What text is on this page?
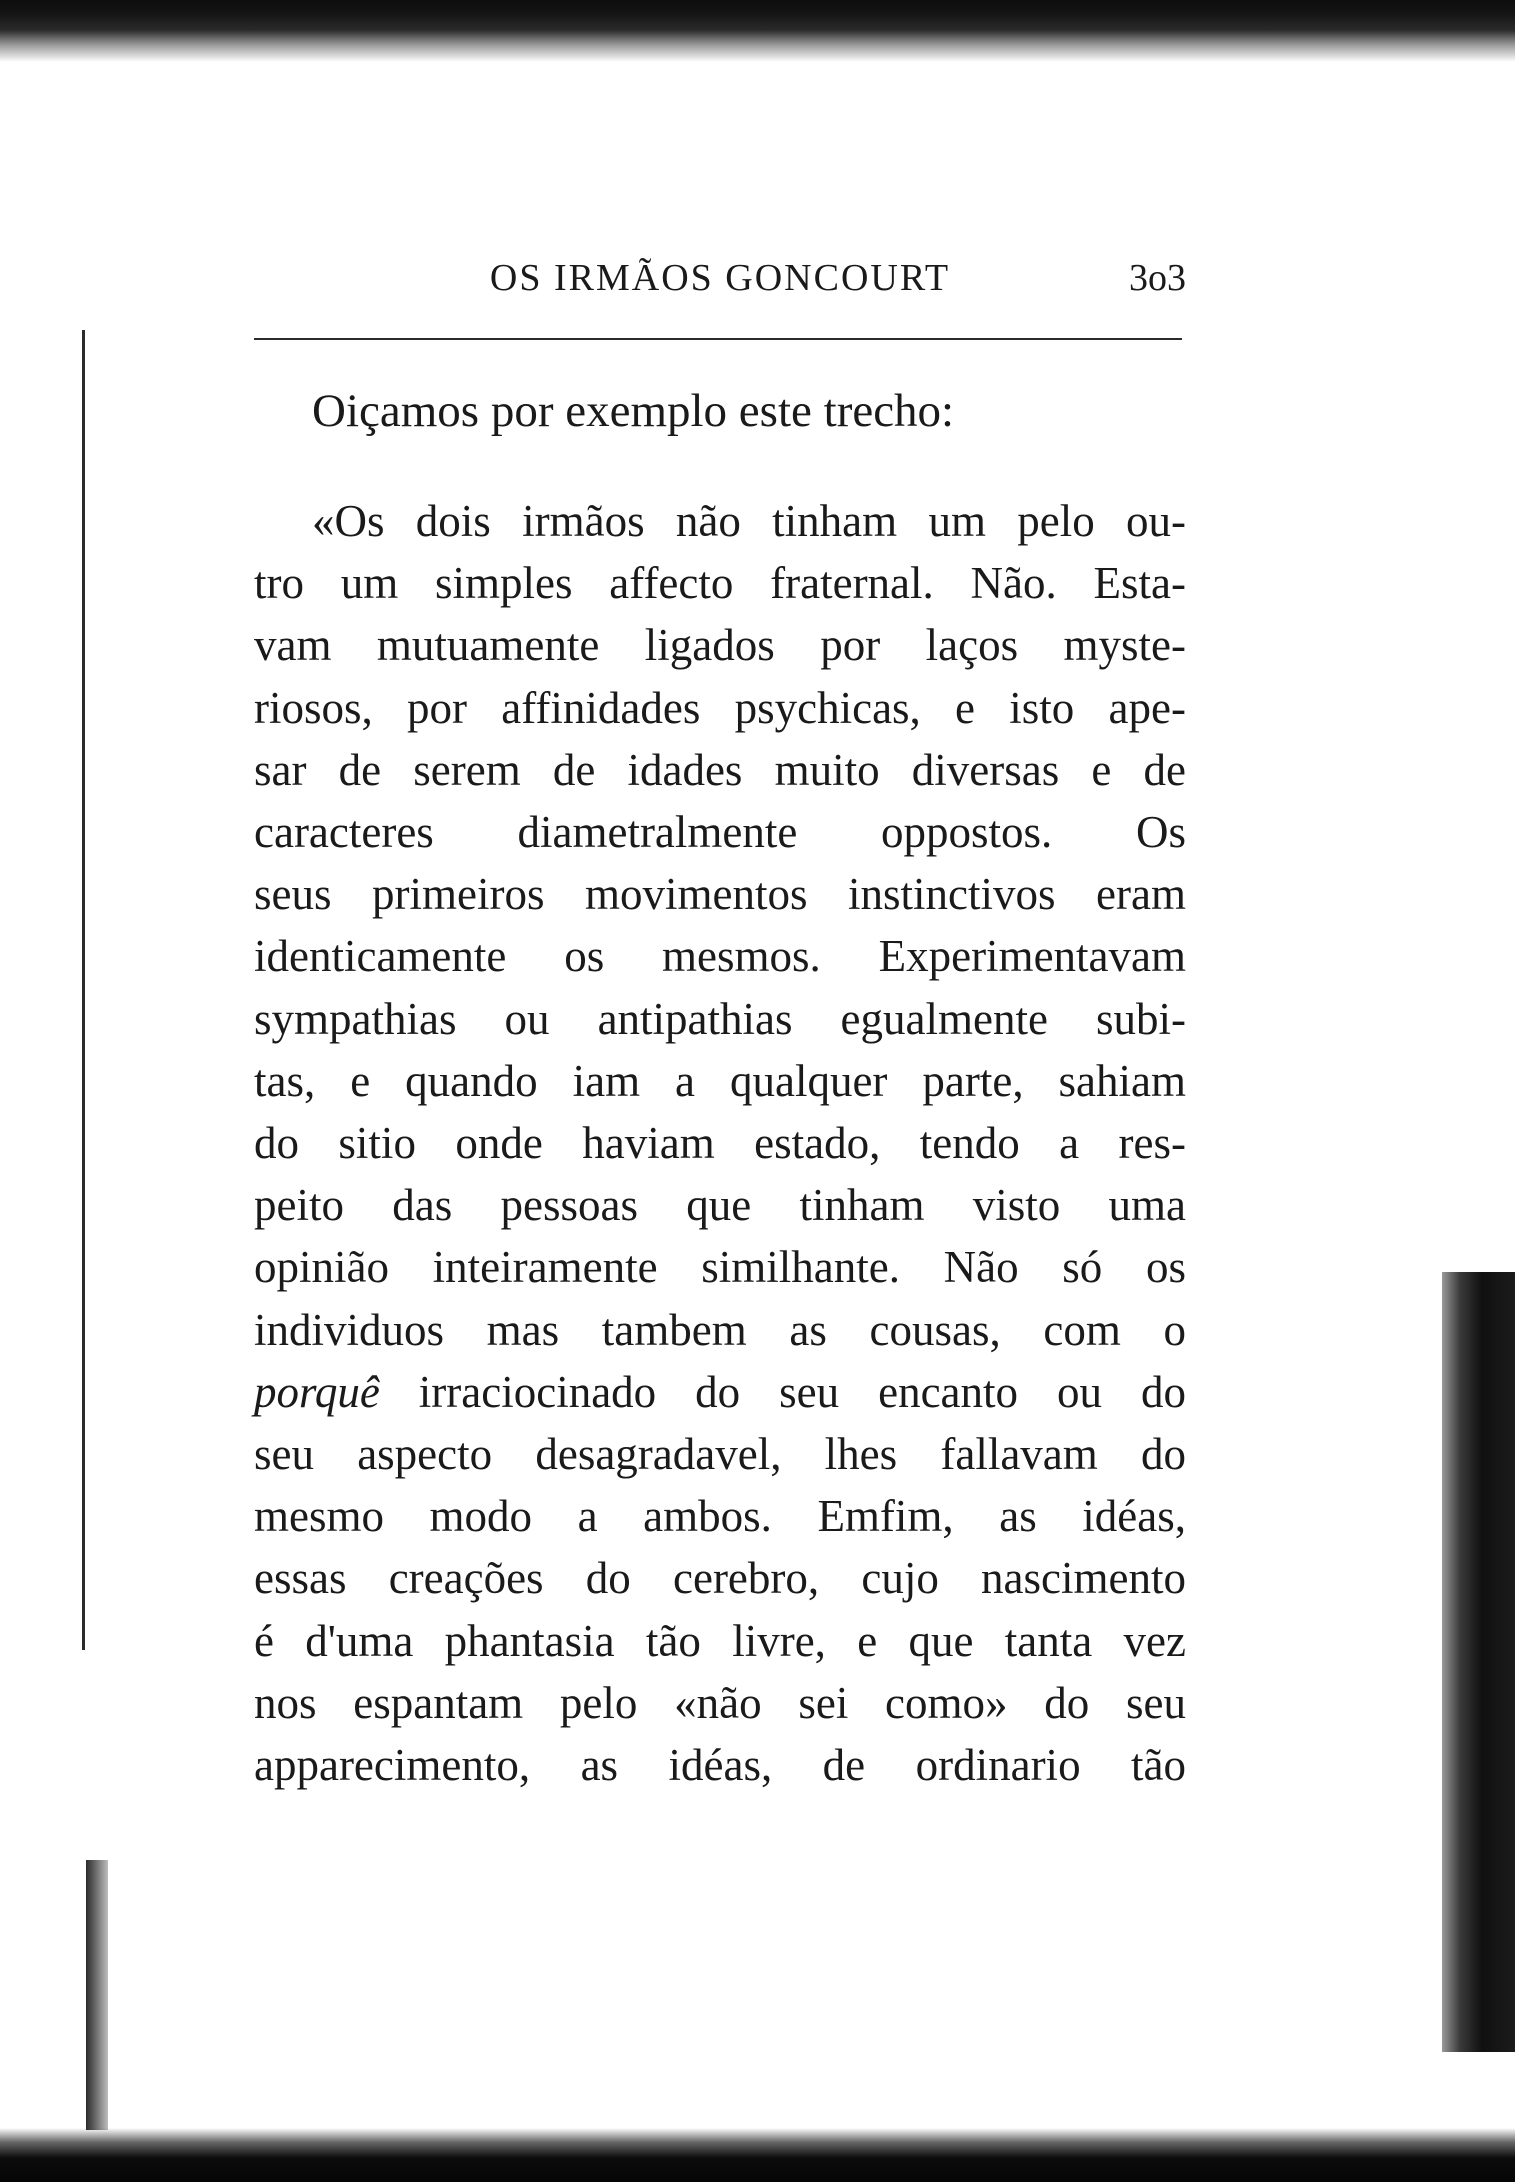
OS IRMÃOS GONCOURT	3o3
Oiçamos por exemplo este trecho:
«Os dois irmãos não tinham um pelo ou-
tro um simples affecto fraternal. Não. Esta-
vam mutuamente ligados por laços myste-
riosos, por affinidades psychicas, e isto ape-
sar de serem de idades muito diversas e de
caracteres diametralmente oppostos. Os
seus primeiros movimentos instinctivos eram
identicamente os mesmos. Experimentavam
sympathias ou antipathias egualmente subi-
tas, e quando iam a qualquer parte, sahiam
do sitio onde haviam estado, tendo a res-
peito das pessoas que tinham visto uma
opinião inteiramente similhante. Não só os
individuos mas tambem as cousas, com o
porquê irraciocinado do seu encanto ou do
seu aspecto desagradavel, lhes fallavam do
mesmo modo a ambos. Emfim, as idéas,
essas creações do cerebro, cujo nascimento
é d'uma phantasia tão livre, e que tanta vez
nos espantam pelo «não sei como» do seu
apparecimento, as idéas, de ordinario tão
